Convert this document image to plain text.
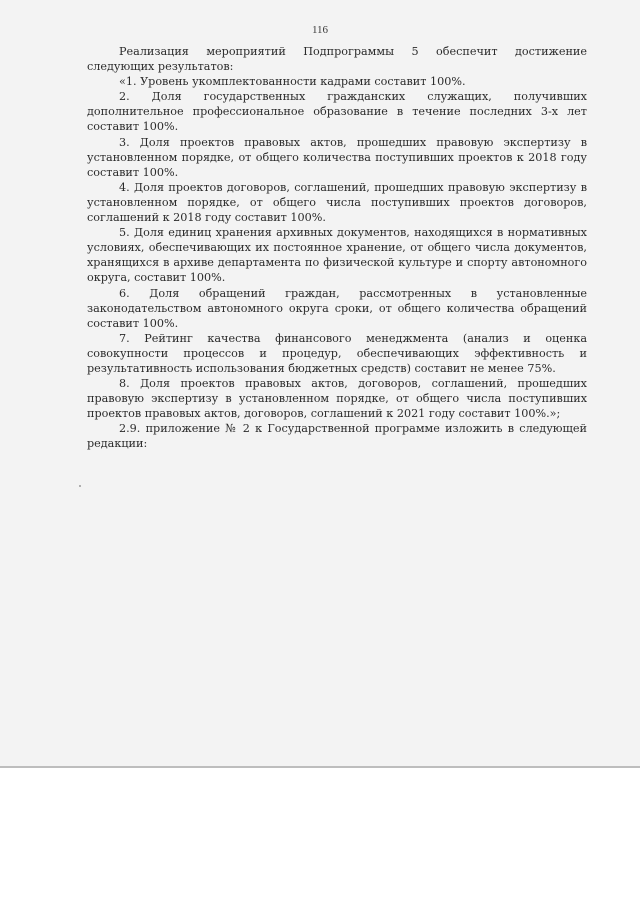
116

Реализация мероприятий Подпрограммы 5 обеспечит достижение следующих результатов:

«1. Уровень укомплектованности кадрами составит 100%.

2. Доля государственных гражданских служащих, получивших дополнительное профессиональное образование в течение последних 3-х лет составит 100%.

3. Доля проектов правовых актов, прошедших правовую экспертизу в установленном порядке, от общего количества поступивших проектов к 2018 году составит 100%.

4. Доля проектов договоров, соглашений, прошедших правовую экспертизу в установленном порядке, от общего числа поступивших проектов договоров, соглашений к 2018 году составит 100%.

5. Доля единиц хранения архивных документов, находящихся в нормативных условиях, обеспечивающих их постоянное хранение, от общего числа документов, хранящихся в архиве департамента по физической культуре и спорту автономного округа, составит 100%.

6. Доля обращений граждан, рассмотренных в установленные законодательством автономного округа сроки, от общего количества обращений составит 100%.

7. Рейтинг качества финансового менеджмента (анализ и оценка совокупности процессов и процедур, обеспечивающих эффективность и результативность использования бюджетных средств) составит не менее 75%.

8. Доля проектов правовых актов, договоров, соглашений, прошедших правовую экспертизу в установленном порядке, от общего числа поступивших проектов правовых актов, договоров, соглашений к 2021 году составит 100%.»;

2.9. приложение № 2 к Государственной программе изложить в следующей редакции:
